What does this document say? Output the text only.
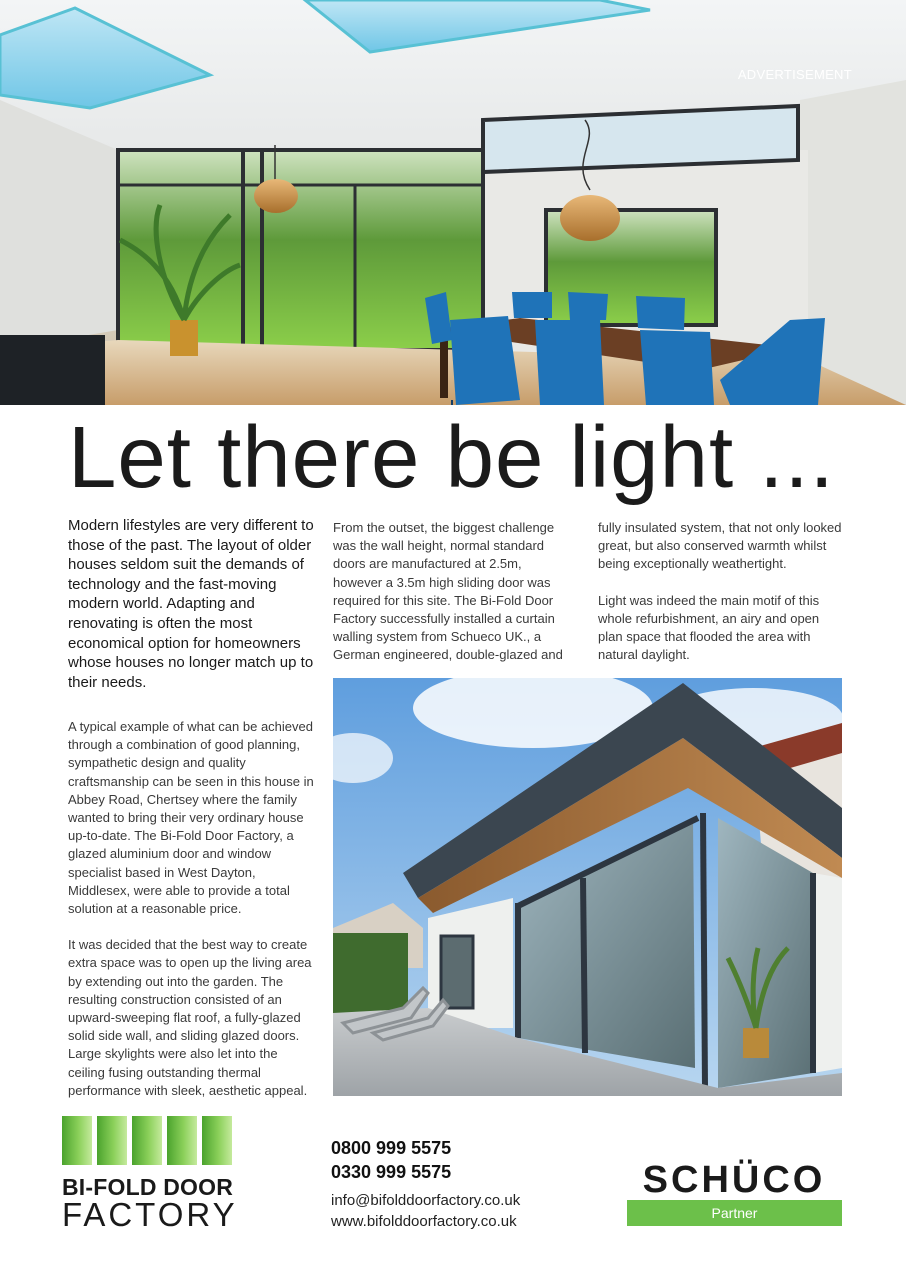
ADVERTISEMENT
Let there be light ...

Modern lifestyles are very different to those of the past. The layout of older houses seldom suit the demands of technology and the fast-moving modern world. Adapting and renovating is often the most economical option for homeowners whose houses no longer match up to their needs.

A typical example of what can be achieved through a combination of good planning, sympathetic design and quality craftsmanship can be seen in this house in Abbey Road, Chertsey where the family wanted to bring their very ordinary house up-to-date. The Bi-Fold Door Factory, a glazed aluminium door and window specialist based in West Dayton, Middlesex, were able to provide a total solution at a reasonable price.

It was decided that the best way to create extra space was to open up the living area by extending out into the garden. The resulting construction consisted of an upward-sweeping flat roof, a fully-glazed solid side wall, and sliding glazed doors. Large skylights were also let into the ceiling fusing outstanding thermal performance with sleek, aesthetic appeal.

From the outset, the biggest challenge was the wall height, normal standard doors are manufactured at 2.5m, however a 3.5m high sliding door was required for this site. The Bi-Fold Door Factory successfully installed a curtain walling system from Schueco UK., a German engineered, double-glazed and

fully insulated system, that not only looked great, but also conserved warmth whilst being exceptionally weathertight.

Light was indeed the main motif of this whole refurbishment, an airy and open plan space that flooded the area with natural daylight.

BI-FOLD DOOR
FACTORY
0800 999 5575
0330 999 5575
info@bifolddoorfactory.co.uk
www.bifolddoorfactory.co.uk
SCHÜCO
Partner
